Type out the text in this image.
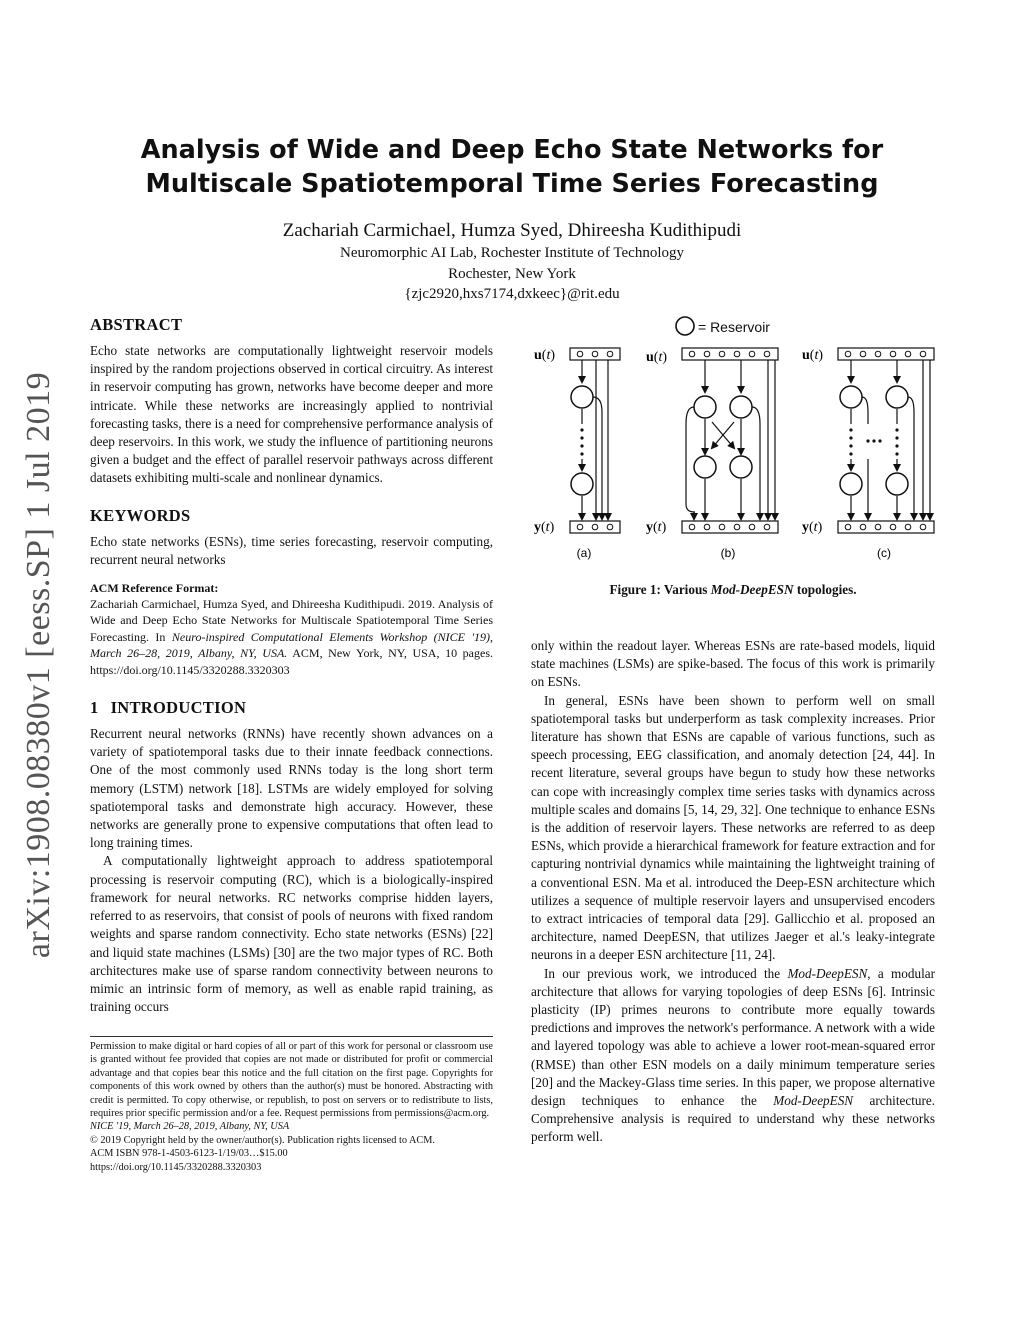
arXiv:1908.08380v1 [eess.SP] 1 Jul 2019
Analysis of Wide and Deep Echo State Networks for Multiscale Spatiotemporal Time Series Forecasting
Zachariah Carmichael, Humza Syed, Dhireesha Kudithipudi
Neuromorphic AI Lab, Rochester Institute of Technology
Rochester, New York
{zjc2920,hxs7174,dxkeec}@rit.edu
ABSTRACT

Echo state networks are computationally lightweight reservoir models inspired by the random projections observed in cortical circuitry. As interest in reservoir computing has grown, networks have become deeper and more intricate. While these networks are increasingly applied to nontrivial forecasting tasks, there is a need for comprehensive performance analysis of deep reservoirs. In this work, we study the influence of partitioning neurons given a budget and the effect of parallel reservoir pathways across different datasets exhibiting multi-scale and nonlinear dynamics.

KEYWORDS

Echo state networks (ESNs), time series forecasting, reservoir computing, recurrent neural networks

ACM Reference Format:

Zachariah Carmichael, Humza Syed, and Dhireesha Kudithipudi. 2019. Analysis of Wide and Deep Echo State Networks for Multiscale Spatiotemporal Time Series Forecasting. In Neuro-inspired Computational Elements Workshop (NICE '19), March 26–28, 2019, Albany, NY, USA. ACM, New York, NY, USA, 10 pages. https://doi.org/10.1145/3320288.3320303

1 INTRODUCTION

Recurrent neural networks (RNNs) have recently shown advances on a variety of spatiotemporal tasks due to their innate feedback connections. One of the most commonly used RNNs today is the long short term memory (LSTM) network [18]. LSTMs are widely employed for solving spatiotemporal tasks and demonstrate high accuracy. However, these networks are generally prone to expensive computations that often lead to long training times.

A computationally lightweight approach to address spatiotemporal processing is reservoir computing (RC), which is a biologically-inspired framework for neural networks. RC networks comprise hidden layers, referred to as reservoirs, that consist of pools of neurons with fixed random weights and sparse random connectivity. Echo state networks (ESNs) [22] and liquid state machines (LSMs) [30] are the two major types of RC. Both architectures make use of sparse random connectivity between neurons to mimic an intrinsic form of memory, as well as enable rapid training, as training occurs

Permission to make digital or hard copies of all or part of this work for personal or classroom use is granted without fee provided that copies are not made or distributed for profit or commercial advantage and that copies bear this notice and the full citation on the first page. Copyrights for components of this work owned by others than the author(s) must be honored. Abstracting with credit is permitted. To copy otherwise, or republish, to post on servers or to redistribute to lists, requires prior specific permission and/or a fee. Request permissions from permissions@acm.org.
NICE '19, March 26–28, 2019, Albany, NY, USA
© 2019 Copyright held by the owner/author(s). Publication rights licensed to ACM.
ACM ISBN 978-1-4503-6123-1/19/03…$15.00
https://doi.org/10.1145/3320288.3320303
= Reservoir
u(t)
y(t)
(a)
u(t)
y(t)
(b)
u(t)
y(t)
(c)
Figure 1: Various Mod-DeepESN topologies.

only within the readout layer. Whereas ESNs are rate-based models, liquid state machines (LSMs) are spike-based. The focus of this work is primarily on ESNs.

In general, ESNs have been shown to perform well on small spatiotemporal tasks but underperform as task complexity increases. Prior literature has shown that ESNs are capable of various functions, such as speech processing, EEG classification, and anomaly detection [24, 44]. In recent literature, several groups have begun to study how these networks can cope with increasingly complex time series tasks with dynamics across multiple scales and domains [5, 14, 29, 32]. One technique to enhance ESNs is the addition of reservoir layers. These networks are referred to as deep ESNs, which provide a hierarchical framework for feature extraction and for capturing nontrivial dynamics while maintaining the lightweight training of a conventional ESN. Ma et al. introduced the Deep-ESN architecture which utilizes a sequence of multiple reservoir layers and unsupervised encoders to extract intricacies of temporal data [29]. Gallicchio et al. proposed an architecture, named DeepESN, that utilizes Jaeger et al.'s leaky-integrate neurons in a deeper ESN architecture [11, 24].

In our previous work, we introduced the Mod-DeepESN, a modular architecture that allows for varying topologies of deep ESNs [6]. Intrinsic plasticity (IP) primes neurons to contribute more equally towards predictions and improves the network's performance. A network with a wide and layered topology was able to achieve a lower root-mean-squared error (RMSE) than other ESN models on a daily minimum temperature series [20] and the Mackey-Glass time series. In this paper, we propose alternative design techniques to enhance the Mod-DeepESN architecture. Comprehensive analysis is required to understand why these networks perform well.
